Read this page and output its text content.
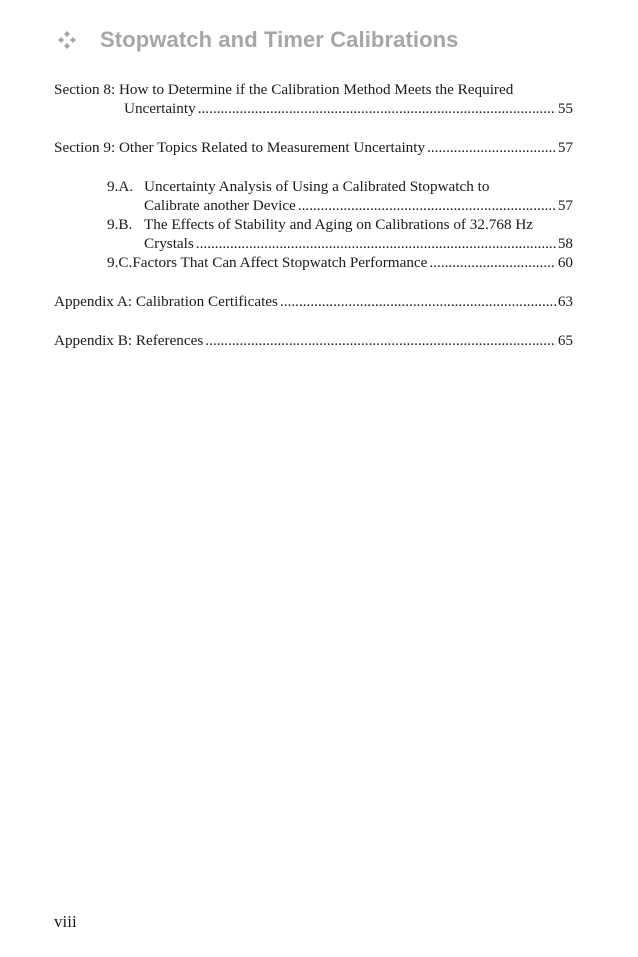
Stopwatch and Timer Calibrations
Section 8: How to Determine if the Calibration Method Meets the Required
Uncertainty .....	55
Section 9: Other Topics Related to Measurement Uncertainty .....	57
9.A. Uncertainty Analysis of Using a Calibrated Stopwatch to
Calibrate another Device .....	57
9.B. The Effects of Stability and Aging on Calibrations of 32.768 Hz
Crystals .....	58
9.C. Factors That Can Affect Stopwatch Performance .....	60
Appendix A: Calibration Certificates .....	63
Appendix B: References .....	65
viii
